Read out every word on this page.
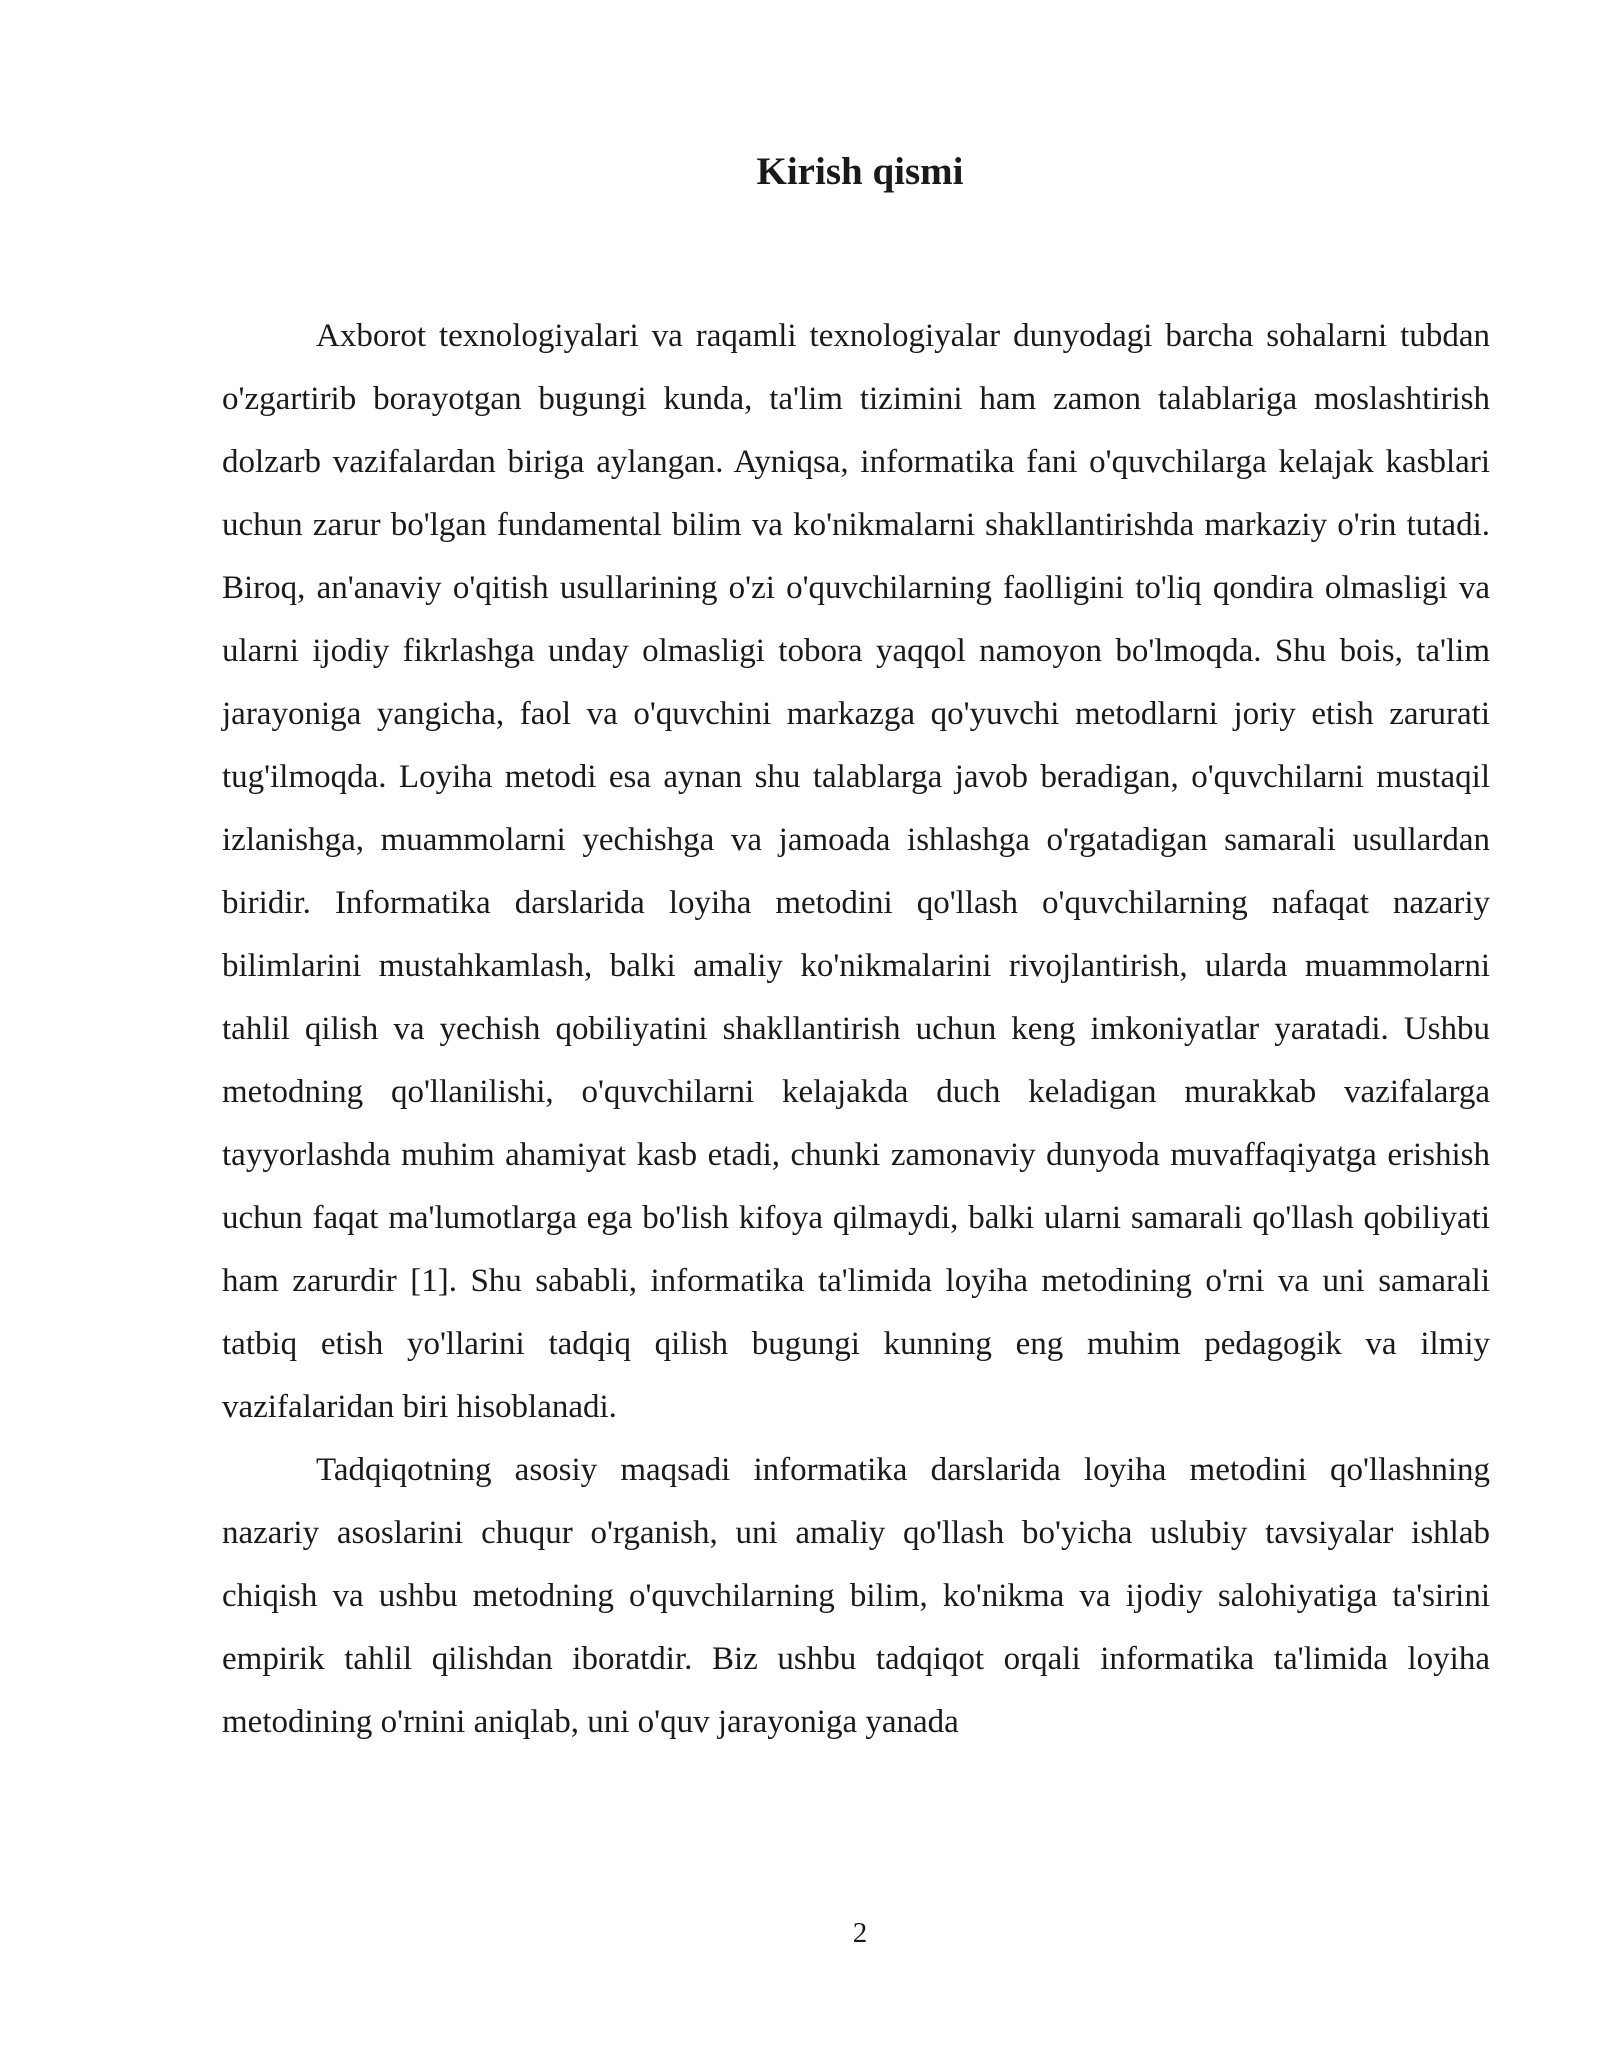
Kirish qismi

Axborot texnologiyalari va raqamli texnologiyalar dunyodagi barcha sohalarni tubdan o'zgartirib borayotgan bugungi kunda, ta'lim tizimini ham zamon talablariga moslashtirish dolzarb vazifalardan biriga aylangan. Ayniqsa, informatika fani o'quvchilarga kelajak kasblari uchun zarur bo'lgan fundamental bilim va ko'nikmalarni shakllantirishda markaziy o'rin tutadi. Biroq, an'anaviy o'qitish usullarining o'zi o'quvchilarning faolligini to'liq qondira olmasligi va ularni ijodiy fikrlashga unday olmasligi tobora yaqqol namoyon bo'lmoqda. Shu bois, ta'lim jarayoniga yangicha, faol va o'quvchini markazga qo'yuvchi metodlarni joriy etish zarurati tug'ilmoqda. Loyiha metodi esa aynan shu talablarga javob beradigan, o'quvchilarni mustaqil izlanishga, muammolarni yechishga va jamoada ishlashga o'rgatadigan samarali usullardan biridir. Informatika darslarida loyiha metodini qo'llash o'quvchilarning nafaqat nazariy bilimlarini mustahkamlash, balki amaliy ko'nikmalarini rivojlantirish, ularda muammolarni tahlil qilish va yechish qobiliyatini shakllantirish uchun keng imkoniyatlar yaratadi. Ushbu metodning qo'llanilishi, o'quvchilarni kelajakda duch keladigan murakkab vazifalarga tayyorlashda muhim ahamiyat kasb etadi, chunki zamonaviy dunyoda muvaffaqiyatga erishish uchun faqat ma'lumotlarga ega bo'lish kifoya qilmaydi, balki ularni samarali qo'llash qobiliyati ham zarurdir [1]. Shu sababli, informatika ta'limida loyiha metodining o'rni va uni samarali tatbiq etish yo'llarini tadqiq qilish bugungi kunning eng muhim pedagogik va ilmiy vazifalaridan biri hisoblanadi.

Tadqiqotning asosiy maqsadi informatika darslarida loyiha metodini qo'llashning nazariy asoslarini chuqur o'rganish, uni amaliy qo'llash bo'yicha uslubiy tavsiyalar ishlab chiqish va ushbu metodning o'quvchilarning bilim, ko'nikma va ijodiy salohiyatiga ta'sirini empirik tahlil qilishdan iboratdir. Biz ushbu tadqiqot orqali informatika ta'limida loyiha metodining o'rnini aniqlab, uni o'quv jarayoniga yanada

2
